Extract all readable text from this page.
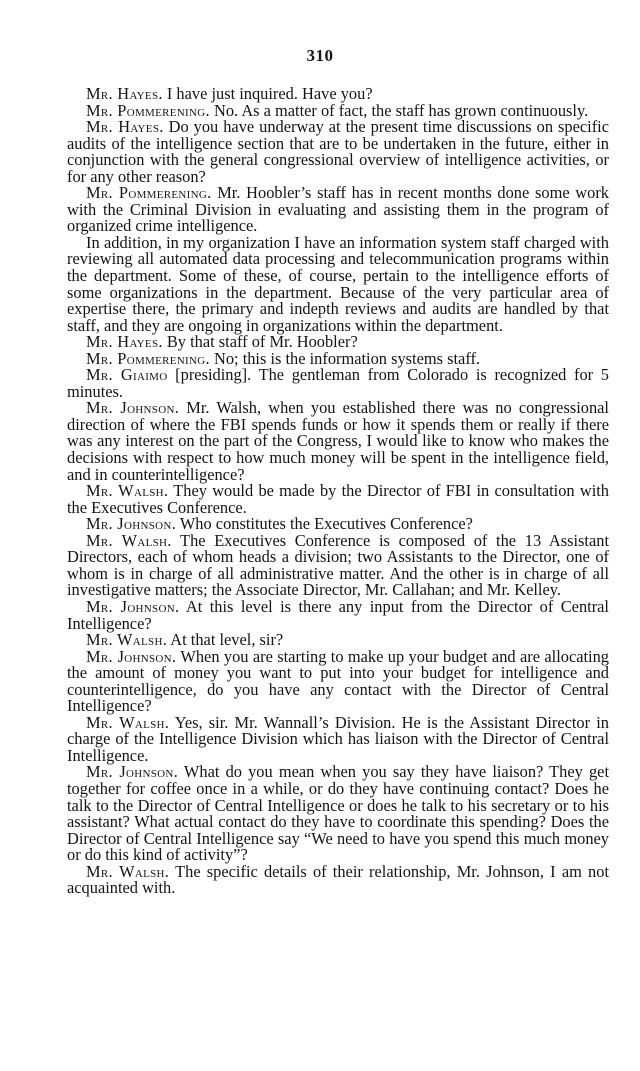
310

Mr. Hayes. I have just inquired. Have you?

Mr. Pommerening. No. As a matter of fact, the staff has grown continuously.

Mr. Hayes. Do you have underway at the present time discussions on specific audits of the intelligence section that are to be undertaken in the future, either in conjunction with the general congressional overview of intelligence activities, or for any other reason?

Mr. Pommerening. Mr. Hoobler’s staff has in recent months done some work with the Criminal Division in evaluating and assisting them in the program of organized crime intelligence.

In addition, in my organization I have an information system staff charged with reviewing all automated data processing and telecommunication programs within the department. Some of these, of course, pertain to the intelligence efforts of some organizations in the department. Because of the very particular area of expertise there, the primary and indepth reviews and audits are handled by that staff, and they are ongoing in organizations within the department.

Mr. Hayes. By that staff of Mr. Hoobler?

Mr. Pommerening. No; this is the information systems staff.

Mr. Giaimo [presiding]. The gentleman from Colorado is recognized for 5 minutes.

Mr. Johnson. Mr. Walsh, when you established there was no congressional direction of where the FBI spends funds or how it spends them or really if there was any interest on the part of the Congress, I would like to know who makes the decisions with respect to how much money will be spent in the intelligence field, and in counterintelligence?

Mr. Walsh. They would be made by the Director of FBI in consultation with the Executives Conference.

Mr. Johnson. Who constitutes the Executives Conference?

Mr. Walsh. The Executives Conference is composed of the 13 Assistant Directors, each of whom heads a division; two Assistants to the Director, one of whom is in charge of all administrative matter. And the other is in charge of all investigative matters; the Associate Director, Mr. Callahan; and Mr. Kelley.

Mr. Johnson. At this level is there any input from the Director of Central Intelligence?

Mr. Walsh. At that level, sir?

Mr. Johnson. When you are starting to make up your budget and are allocating the amount of money you want to put into your budget for intelligence and counterintelligence, do you have any contact with the Director of Central Intelligence?

Mr. Walsh. Yes, sir. Mr. Wannall’s Division. He is the Assistant Director in charge of the Intelligence Division which has liaison with the Director of Central Intelligence.

Mr. Johnson. What do you mean when you say they have liaison? They get together for coffee once in a while, or do they have continuing contact? Does he talk to the Director of Central Intelligence or does he talk to his secretary or to his assistant? What actual contact do they have to coordinate this spending? Does the Director of Central Intelligence say “We need to have you spend this much money or do this kind of activity”?

Mr. Walsh. The specific details of their relationship, Mr. Johnson, I am not acquainted with.
